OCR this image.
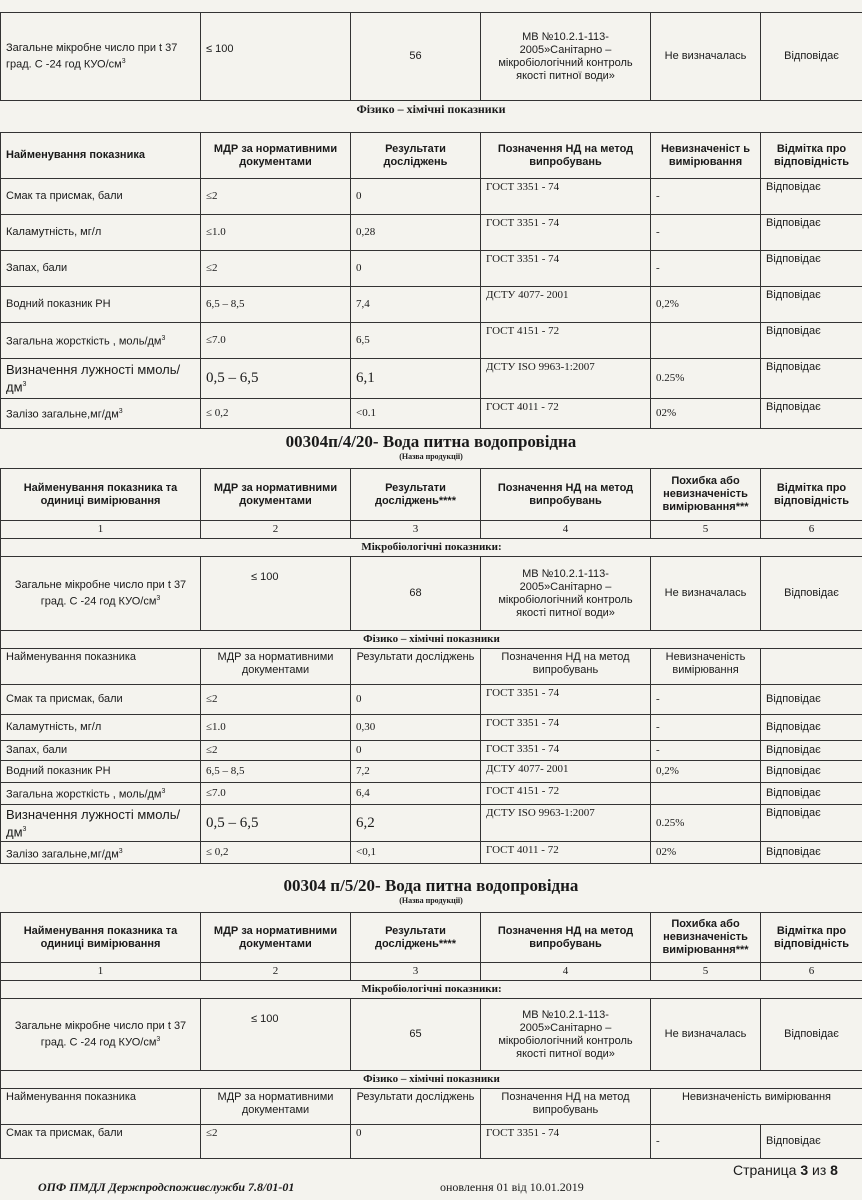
Загальне мікробне число при t 37 град. С -24 год КУО/$см^3$	≤ 100	56	МВ №10.2.1-113-2005»Санітарно – мікробіологічний контроль якості питної води»	Не визначалась	Відповідає
Фізико – хімічні показники
Найменування показника	МДР за нормативними документами	Результати досліджень	Позначення НД на метод випробувань	Невизначеніст ь вимірювання	Відмітка про відповідність
Смак та присмак, бали	≤2	0	ГОСТ 3351 - 74	-	Відповідає
Каламутність, мг/л	≤1.0	0,28	ГОСТ 3351 - 74	-	Відповідає
Запах, бали	≤2	0	ГОСТ 3351 - 74	-	Відповідає
Водний показник РН	6,5 – 8,5	7,4	ДСТУ 4077- 2001	0,2%	Відповідає
Загальна жорсткість , моль/$дм^3$	≤7.0	6,5	ГОСТ 4151 - 72		Відповідає
Визначення лужності ммоль/$дм^3$	0,5 – 6,5	6,1	ДСТУ ISO 9963-1:2007	0.25%	Відповідає
Залізо $загальне,мг/дм^3$	≤ 0,2	<0.1	ГОСТ 4011 - 72	02%	Відповідає
00304п/4/20- Вода питна водопровідна
(Назва продукції)
Найменування показника та одиниці вимірювання	МДР за нормативними документами	Результати досліджень****	Позначення НД на метод випробувань	Похибка або невизначеність вимірювання***	Відмітка про відповідність
1	2	3	4	5	6
Мікробіологічні показники:					
Загальне мікробне число при t 37 град. С -24 год КУО/$см^3$	≤ 100	68	МВ №10.2.1-113-2005»Санітарно – мікробіологічний контроль якості питної води»	Не визначалась	Відповідає
Фізико – хімічні показники					
Найменування показника	МДР за нормативними документами	Результати досліджень	Позначення НД на метод випробувань	Невизначеність вимірювання	
Смак та присмак, бали	≤2	0	ГОСТ 3351 - 74	-	Відповідає
Каламутність, мг/л	≤1.0	0,30	ГОСТ 3351 - 74	-	Відповідає
Запах, бали	≤2	0	ГОСТ 3351 - 74	-	Відповідає
Водний показник РН	6,5 – 8,5	7,2	ДСТУ 4077- 2001	0,2%	Відповідає
Загальна жорсткість , моль/$дм^3$	≤7.0	6,4	ГОСТ 4151 - 72		Відповідає
Визначення лужності ммоль/$дм^3$	0,5 – 6,5	6,2	ДСТУ ISO 9963-1:2007	0.25%	Відповідає
Залізо $загальне,мг/дм^3$	≤ 0,2	<0,1	ГОСТ 4011 - 72	02%	Відповідає
00304 п/5/20- Вода питна водопровідна
(Назва продукції)
Найменування показника та одиниці вимірювання	МДР за нормативними документами	Результати досліджень****	Позначення НД на метод випробувань	Похибка або невизначеність вимірювання***	Відмітка про відповідність
1	2	3	4	5	6
Мікробіологічні показники:					
Загальне мікробне число при t 37 град. С -24 год КУО/$см^3$	≤ 100	65	МВ №10.2.1-113-2005»Санітарно – мікробіологічний контроль якості питної води»	Не визначалась	Відповідає
Фізико – хімічні показники					
Найменування показника	МДР за нормативними документами	Результати досліджень	Позначення НД на метод випробувань	Невизначеність вимірювання	
Смак та присмак, бали	≤2	0	ГОСТ 3351 - 74	-	Відповідає
Страница 3 из 8
ОПФ ПМДЛ Держпродспоживслужби 7.8/01-01	оновлення 01 від 10.01.2019
